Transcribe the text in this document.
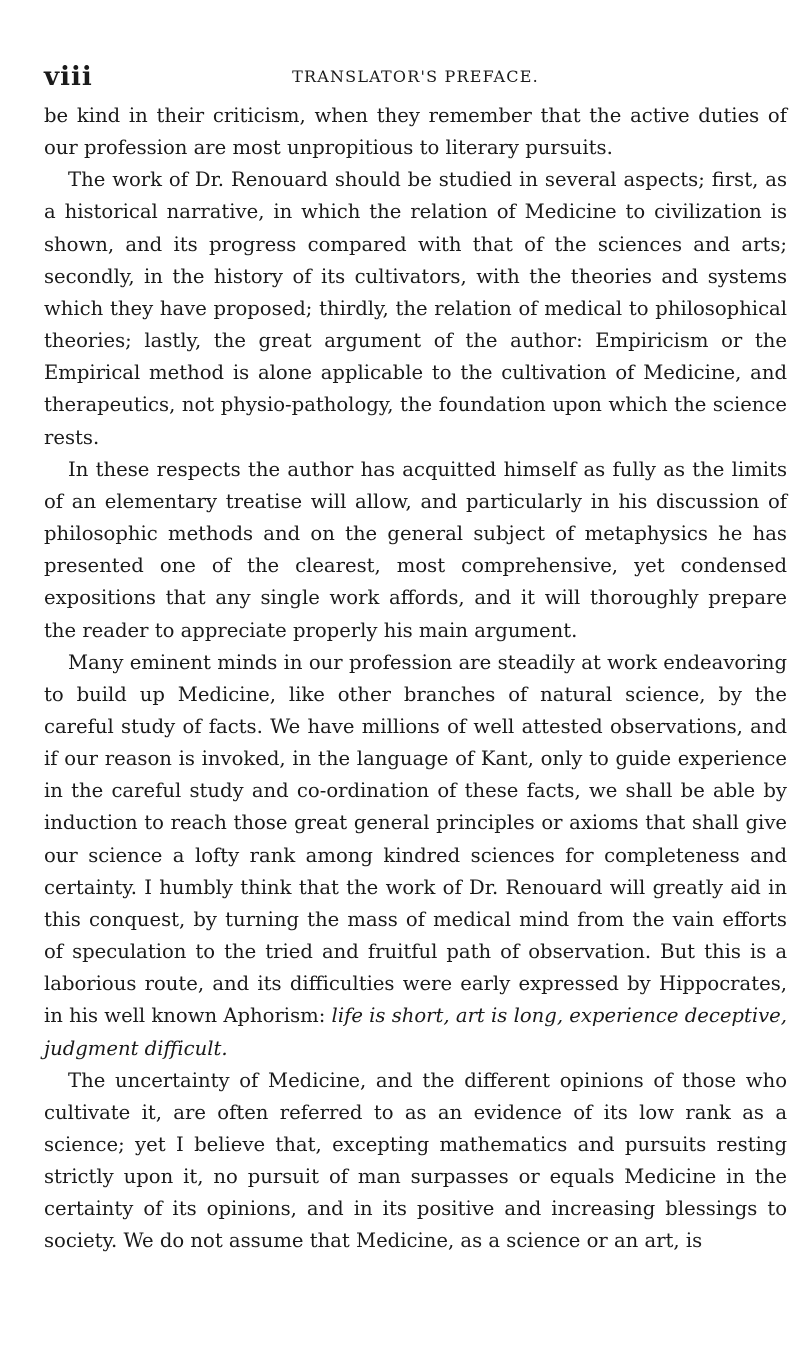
viii	TRANSLATOR'S PREFACE.

be kind in their criticism, when they remember that the active duties of our profession are most unpropitious to literary pursuits.

The work of Dr. Renouard should be studied in several aspects; first, as a historical narrative, in which the relation of Medicine to civilization is shown, and its progress compared with that of the sciences and arts; secondly, in the history of its cultivators, with the theories and systems which they have proposed; thirdly, the relation of medical to philosophical theories; lastly, the great argument of the author: Empiricism or the Empirical method is alone applicable to the cultivation of Medicine, and therapeutics, not physio-pathology, the foundation upon which the science rests.

In these respects the author has acquitted himself as fully as the limits of an elementary treatise will allow, and particularly in his discussion of philosophic methods and on the general subject of metaphysics he has presented one of the clearest, most comprehensive, yet condensed expositions that any single work affords, and it will thoroughly prepare the reader to appreciate properly his main argument.

Many eminent minds in our profession are steadily at work endeavoring to build up Medicine, like other branches of natural science, by the careful study of facts. We have millions of well attested observations, and if our reason is invoked, in the language of Kant, only to guide experience in the careful study and co-ordination of these facts, we shall be able by induction to reach those great general principles or axioms that shall give our science a lofty rank among kindred sciences for completeness and certainty. I humbly think that the work of Dr. Renouard will greatly aid in this conquest, by turning the mass of medical mind from the vain efforts of speculation to the tried and fruitful path of observation. But this is a laborious route, and its difficulties were early expressed by Hippocrates, in his well known Aphorism: life is short, art is long, experience deceptive, judgment difficult.

The uncertainty of Medicine, and the different opinions of those who cultivate it, are often referred to as an evidence of its low rank as a science; yet I believe that, excepting mathematics and pursuits resting strictly upon it, no pursuit of man surpasses or equals Medicine in the certainty of its opinions, and in its positive and increasing blessings to society. We do not assume that Medicine, as a science or an art, is
